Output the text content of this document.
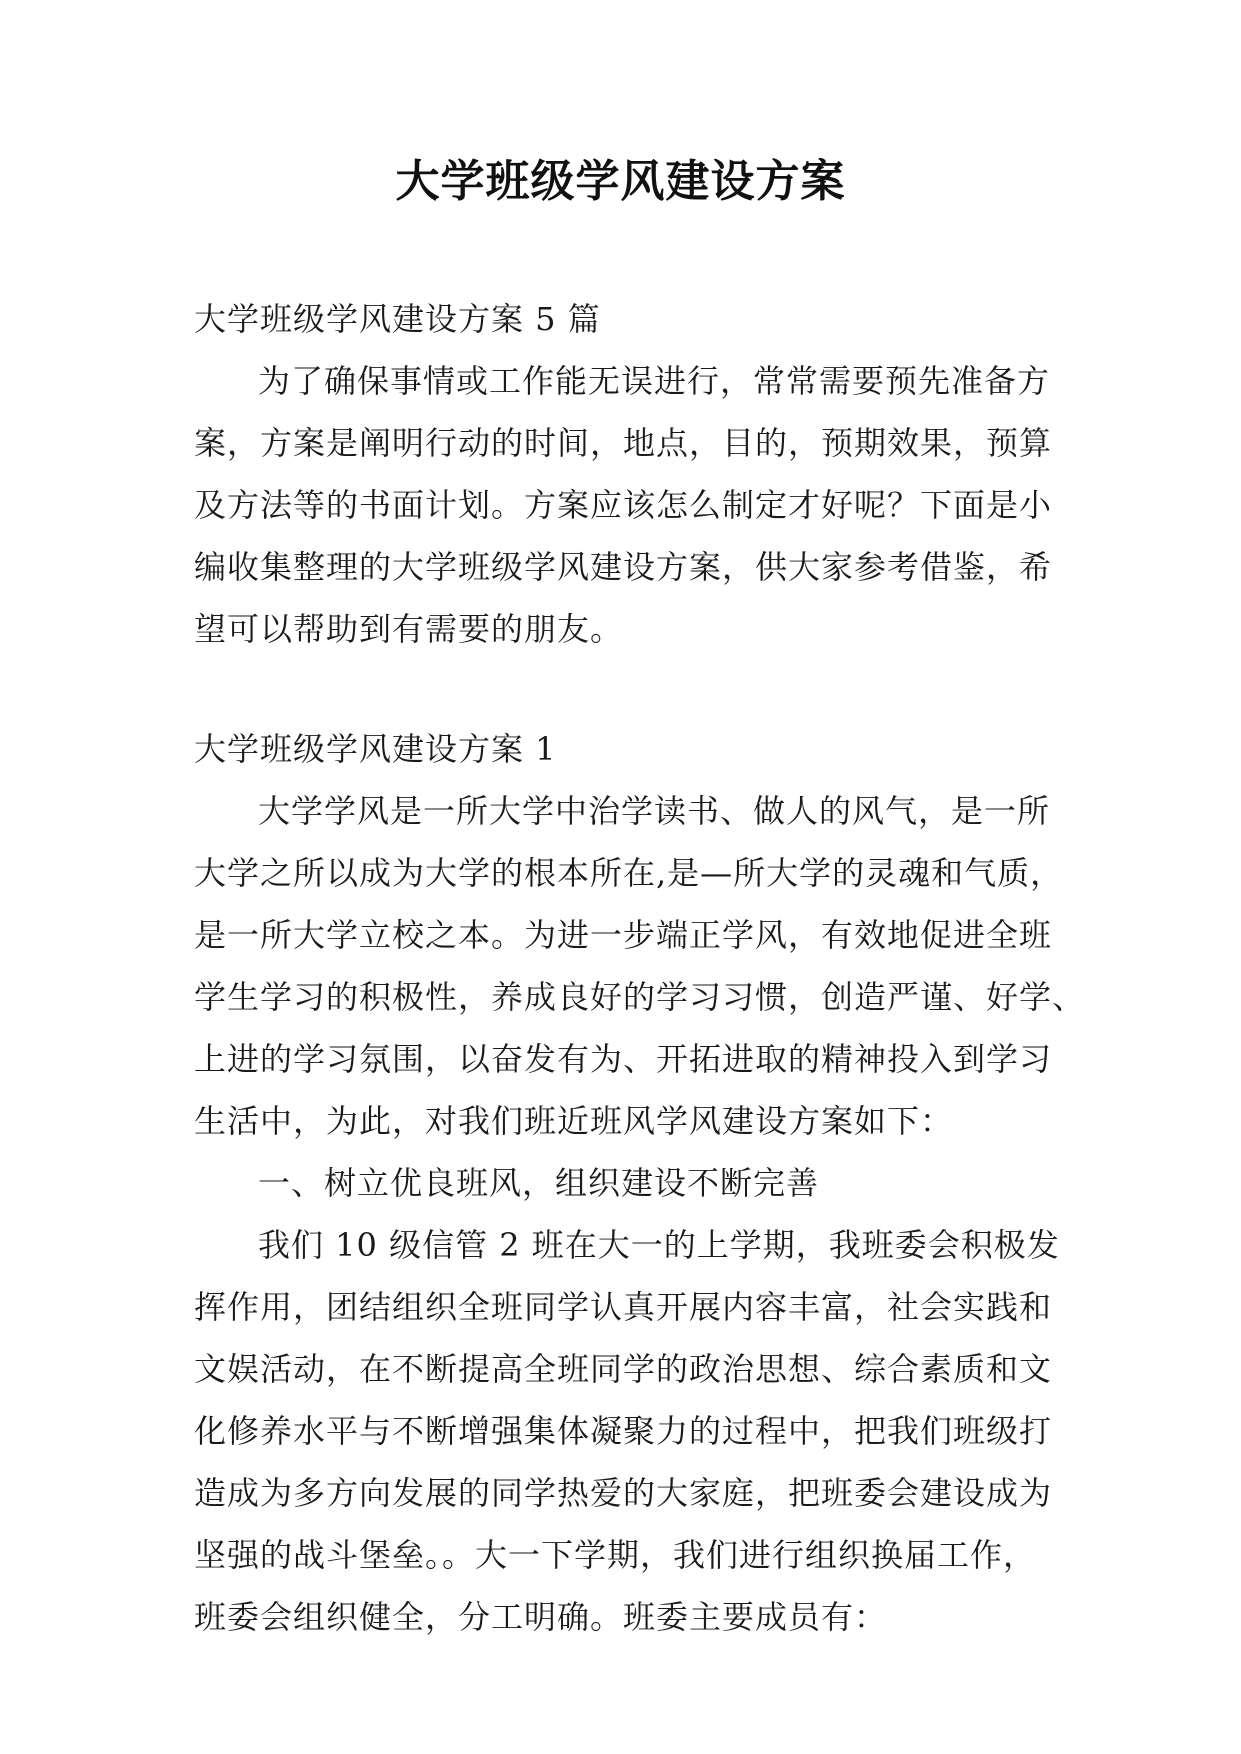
大学班级学风建设方案
大学班级学风建设方案 5 篇
为了确保事情或工作能无误进行，常常需要预先准备方
案，方案是阐明行动的时间，地点，目的，预期效果，预算
及方法等的书面计划。方案应该怎么制定才好呢？下面是小
编收集整理的大学班级学风建设方案，供大家参考借鉴，希
望可以帮助到有需要的朋友。
大学班级学风建设方案 1
大学学风是一所大学中治学读书、做人的风气，是一所
大学之所以成为大学的根本所在,是—所大学的灵魂和气质，
是一所大学立校之本。为进一步端正学风，有效地促进全班
学生学习的积极性，养成良好的学习习惯，创造严谨、好学、
上进的学习氛围，以奋发有为、开拓进取的精神投入到学习
生活中，为此，对我们班近班风学风建设方案如下：
一、树立优良班风，组织建设不断完善
我们 10 级信管 2 班在大一的上学期，我班委会积极发
挥作用，团结组织全班同学认真开展内容丰富，社会实践和
文娱活动，在不断提高全班同学的政治思想、综合素质和文
化修养水平与不断增强集体凝聚力的过程中，把我们班级打
造成为多方向发展的同学热爱的大家庭，把班委会建设成为
坚强的战斗堡垒。。大一下学期，我们进行组织换届工作，
班委会组织健全，分工明确。班委主要成员有：
